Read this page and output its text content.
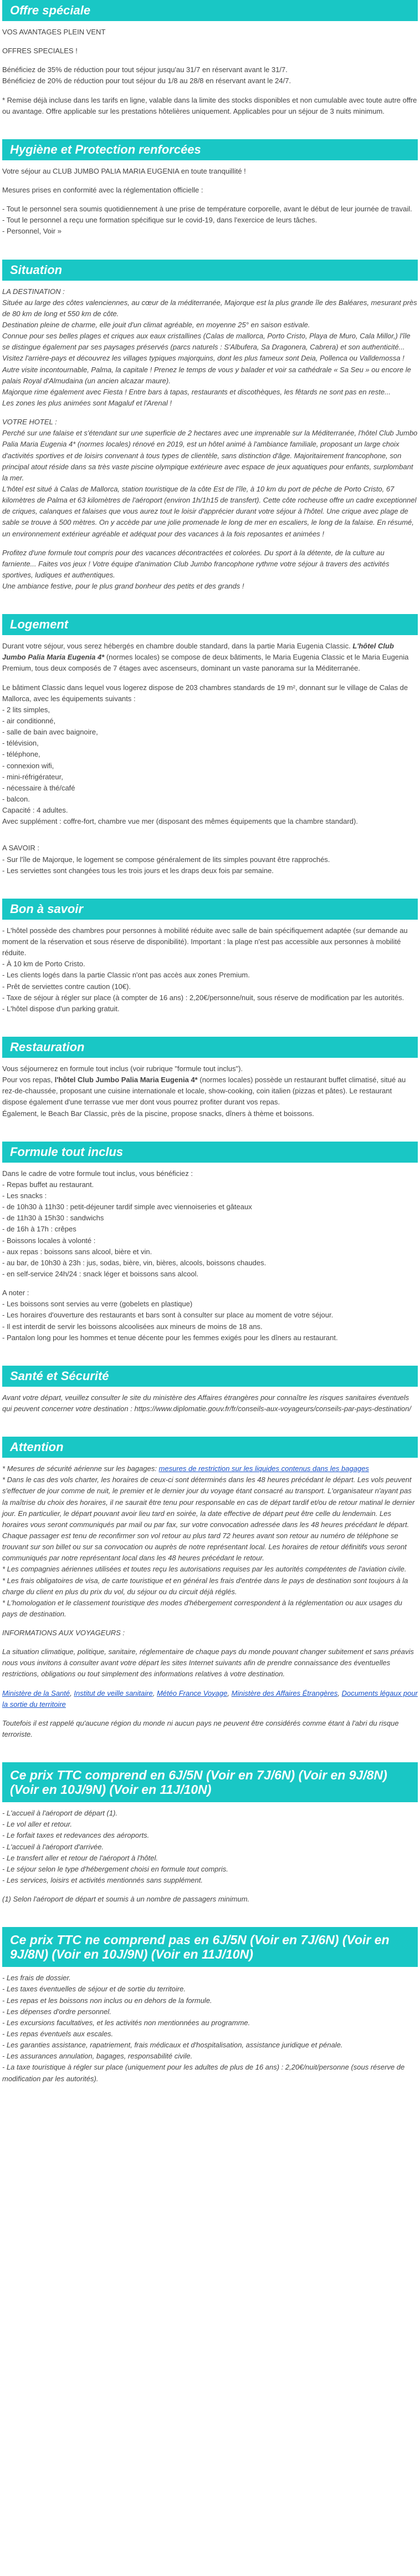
Offre spéciale

VOS AVANTAGES PLEIN VENT

OFFRES SPECIALES !

Bénéficiez de 35% de réduction pour tout séjour jusqu'au 31/7 en réservant avant le 31/7.

Bénéficiez de 20% de réduction pour tout séjour du 1/8 au 28/8 en réservant avant le 24/7.

* Remise déjà incluse dans les tarifs en ligne, valable dans la limite des stocks disponibles et non cumulable avec toute autre offre ou avantage. Offre applicable sur les prestations hôtelières uniquement. Applicables pour un séjour de 3 nuits minimum.

Hygiène et Protection renforcées

Votre séjour au CLUB JUMBO PALIA MARIA EUGENIA en toute tranquillité !

Mesures prises en conformité avec la réglementation officielle :

- Tout le personnel sera soumis quotidiennement à une prise de température corporelle, avant le début de leur journée de travail.

- Tout le personnel a reçu une formation spécifique sur le covid-19, dans l'exercice de leurs tâches.

- Personnel, Voir »

Situation

LA DESTINATION :

Située au large des côtes valenciennes, au cœur de la méditerranée, Majorque est la plus grande île des Baléares, mesurant près de 80 km de long et 550 km de côte.

Destination pleine de charme, elle jouit d'un climat agréable, en moyenne 25° en saison estivale.

Connue pour ses belles plages et criques aux eaux cristallines (Calas de mallorca, Porto Cristo, Playa de Muro, Cala Millor,) l'île se distingue également par ses paysages préservés (parcs naturels : S'Albufera, Sa Dragonera, Cabrera) et son authenticité...

Visitez l'arrière-pays et découvrez les villages typiques majorquins, dont les plus fameux sont Deia, Pollenca ou Valldemossa !

Autre visite incontournable, Palma, la capitale ! Prenez le temps de vous y balader et voir sa cathédrale « Sa Seu » ou encore le palais Royal d'Almudaina (un ancien alcazar maure).

Majorque rime également avec Fiesta ! Entre bars à tapas, restaurants et discothèques, les fêtards ne sont pas en reste...

Les zones les plus animées sont Magaluf et l'Arenal !

VOTRE HOTEL :

Perché sur une falaise et s'étendant sur une superficie de 2 hectares avec une imprenable sur la Méditerranée, l'hôtel Club Jumbo Palia Maria Eugenia 4* (normes locales) rénové en 2019, est un hôtel animé à l'ambiance familiale, proposant un large choix d'activités sportives et de loisirs convenant à tous types de clientèle, sans distinction d'âge. Majoritairement francophone, son principal atout réside dans sa très vaste piscine olympique extérieure avec espace de jeux aquatiques pour enfants, surplombant la mer.

L'hôtel est situé à Calas de Mallorca, station touristique de la côte Est de l'île, à 10 km du port de pêche de Porto Cristo, 67 kilomètres de Palma et 63 kilomètres de l'aéroport (environ 1h/1h15 de transfert). Cette côte rocheuse offre un cadre exceptionnel de criques, calanques et falaises que vous aurez tout le loisir d'apprécier durant votre séjour à l'hôtel. Une crique avec plage de sable se trouve à 500 mètres. On y accède par une jolie promenade le long de mer en escaliers, le long de la falaise. En résumé, un environnement extérieur agréable et adéquat pour des vacances à la fois reposantes et animées !

Profitez d'une formule tout compris pour des vacances décontractées et colorées. Du sport à la détente, de la culture au farniente... Faites vos jeux ! Votre équipe d'animation Club Jumbo francophone rythme votre séjour à travers des activités sportives, ludiques et authentiques.

Une ambiance festive, pour le plus grand bonheur des petits et des grands !

Logement

Durant votre séjour, vous serez hébergés en chambre double standard, dans la partie Maria Eugenia Classic. L'hôtel Club Jumbo Palia Maria Eugenia 4* (normes locales) se compose de deux bâtiments, le Maria Eugenia Classic et le Maria Eugenia Premium, tous deux composés de 7 étages avec ascenseurs, dominant un vaste panorama sur la Méditerranée.

Le bâtiment Classic dans lequel vous logerez dispose de 203 chambres standards de 19 m², donnant sur le village de Calas de Mallorca, avec les équipements suivants :

- 2 lits simples,

- air conditionné,

- salle de bain avec baignoire,

- télévision,

- téléphone,

- connexion wifi,

- mini-réfrigérateur,

- nécessaire à thé/café

- balcon.

Capacité : 4 adultes.

Avec supplément : coffre-fort, chambre vue mer (disposant des mêmes équipements que la chambre standard).

A SAVOIR :

- Sur l'île de Majorque, le logement se compose généralement de lits simples pouvant être rapprochés.

- Les serviettes sont changées tous les trois jours et les draps deux fois par semaine.

Bon à savoir

- L'hôtel possède des chambres pour personnes à mobilité réduite avec salle de bain spécifiquement adaptée (sur demande au moment de la réservation et sous réserve de disponibilité). Important : la plage n'est pas accessible aux personnes à mobilité réduite.

- À 10 km de Porto Cristo.

- Les clients logés dans la partie Classic n'ont pas accès aux zones Premium.

- Prêt de serviettes contre caution (10€).

- Taxe de séjour à régler sur place (à compter de 16 ans) : 2,20€/personne/nuit, sous réserve de modification par les autorités.

- L'hôtel dispose d'un parking gratuit.

Restauration

Vous séjournerez en formule tout inclus (voir rubrique "formule tout inclus").

Pour vos repas, l'hôtel Club Jumbo Palia Maria Eugenia 4* (normes locales) possède un restaurant buffet climatisé, situé au rez-de-chaussée, proposant une cuisine internationale et locale, show-cooking, coin italien (pizzas et pâtes). Le restaurant dispose également d'une terrasse vue mer dont vous pourrez profiter durant vos repas.

Également, le Beach Bar Classic, près de la piscine, propose snacks, dîners à thème et boissons.

Formule tout inclus

Dans le cadre de votre formule tout inclus, vous bénéficiez :

- Repas buffet au restaurant.

- Les snacks :

- de 10h30 à 11h30 : petit-déjeuner tardif simple avec viennoiseries et gâteaux

- de 11h30 à 15h30 : sandwichs

- de 16h à 17h : crêpes

- Boissons locales à volonté :

- aux repas : boissons sans alcool, bière et vin.

- au bar, de 10h30 à 23h : jus, sodas, bière, vin, bières, alcools, boissons chaudes.

- en self-service 24h/24 : snack léger et boissons sans alcool.

A noter :

- Les boissons sont servies au verre (gobelets en plastique)

- Les horaires d'ouverture des restaurants et bars sont à consulter sur place au moment de votre séjour.

- Il est interdit de servir les boissons alcoolisées aux mineurs de moins de 18 ans.

- Pantalon long pour les hommes et tenue décente pour les femmes exigés pour les dîners au restaurant.

Santé et Sécurité

Avant votre départ, veuillez consulter le site du ministère des Affaires étrangères pour connaître les risques sanitaires éventuels qui peuvent concerner votre destination : https://www.diplomatie.gouv.fr/fr/conseils-aux-voyageurs/conseils-par-pays-destination/

Attention

* Mesures de sécurité aérienne sur les bagages: mesures de restriction sur les liquides contenus dans les bagages

* Dans le cas des vols charter, les horaires de ceux-ci sont déterminés dans les 48 heures précédant le départ. Les vols peuvent s'effectuer de jour comme de nuit, le premier et le dernier jour du voyage étant consacré au transport. L'organisateur n'ayant pas la maîtrise du choix des horaires, il ne saurait être tenu pour responsable en cas de départ tardif et/ou de retour matinal le dernier jour. En particulier, le départ pouvant avoir lieu tard en soirée, la date effective de départ peut être celle du lendemain. Les horaires vous seront communiqués par mail ou par fax, sur votre convocation adressée dans les 48 heures précédant le départ. Chaque passager est tenu de reconfirmer son vol retour au plus tard 72 heures avant son retour au numéro de téléphone se trouvant sur son billet ou sur sa convocation ou auprès de notre représentant local. Les horaires de retour définitifs vous seront communiqués par notre représentant local dans les 48 heures précédant le retour.

* Les compagnies aériennes utilisées et toutes reçu les autorisations requises par les autorités compétentes de l'aviation civile.

* Les frais obligatoires de visa, de carte touristique et en général les frais d'entrée dans le pays de destination sont toujours à la charge du client en plus du prix du vol, du séjour ou du circuit déjà réglés.

* L'homologation et le classement touristique des modes d'hébergement correspondent à la réglementation ou aux usages du pays de destination.

INFORMATIONS AUX VOYAGEURS :

La situation climatique, politique, sanitaire, réglementaire de chaque pays du monde pouvant changer subitement et sans préavis nous vous invitons à consulter avant votre départ les sites Internet suivants afin de prendre connaissance des éventuelles restrictions, obligations ou tout simplement des informations relatives à votre destination.

Ministère de la Santé, Institut de veille sanitaire, Météo France Voyage, Ministère des Affaires Étrangères, Documents légaux pour la sortie du territoire

Toutefois il est rappelé qu'aucune région du monde ni aucun pays ne peuvent être considérés comme étant à l'abri du risque terroriste.

Ce prix TTC comprend en 6J/5N (Voir en 7J/6N) (Voir en 9J/8N) (Voir en 10J/9N) (Voir en 11J/10N)

- L'accueil à l'aéroport de départ (1).

- Le vol aller et retour.

- Le forfait taxes et redevances des aéroports.

- L'accueil à l'aéroport d'arrivée.

- Le transfert aller et retour de l'aéroport à l'hôtel.

- Le séjour selon le type d'hébergement choisi en formule tout compris.

- Les services, loisirs et activités mentionnés sans supplément.

(1) Selon l'aéroport de départ et soumis à un nombre de passagers minimum.

Ce prix TTC ne comprend pas en 6J/5N (Voir en 7J/6N) (Voir en 9J/8N) (Voir en 10J/9N) (Voir en 11J/10N)

- Les frais de dossier.

- Les taxes éventuelles de séjour et de sortie du territoire.

- Les repas et les boissons non inclus ou en dehors de la formule.

- Les dépenses d'ordre personnel.

- Les excursions facultatives, et les activités non mentionnées au programme.

- Les repas éventuels aux escales.

- Les garanties assistance, rapatriement, frais médicaux et d'hospitalisation, assistance juridique et pénale.

- Les assurances annulation, bagages, responsabilité civile.

- La taxe touristique à régler sur place (uniquement pour les adultes de plus de 16 ans) : 2,20€/nuit/personne (sous réserve de modification par les autorités).
